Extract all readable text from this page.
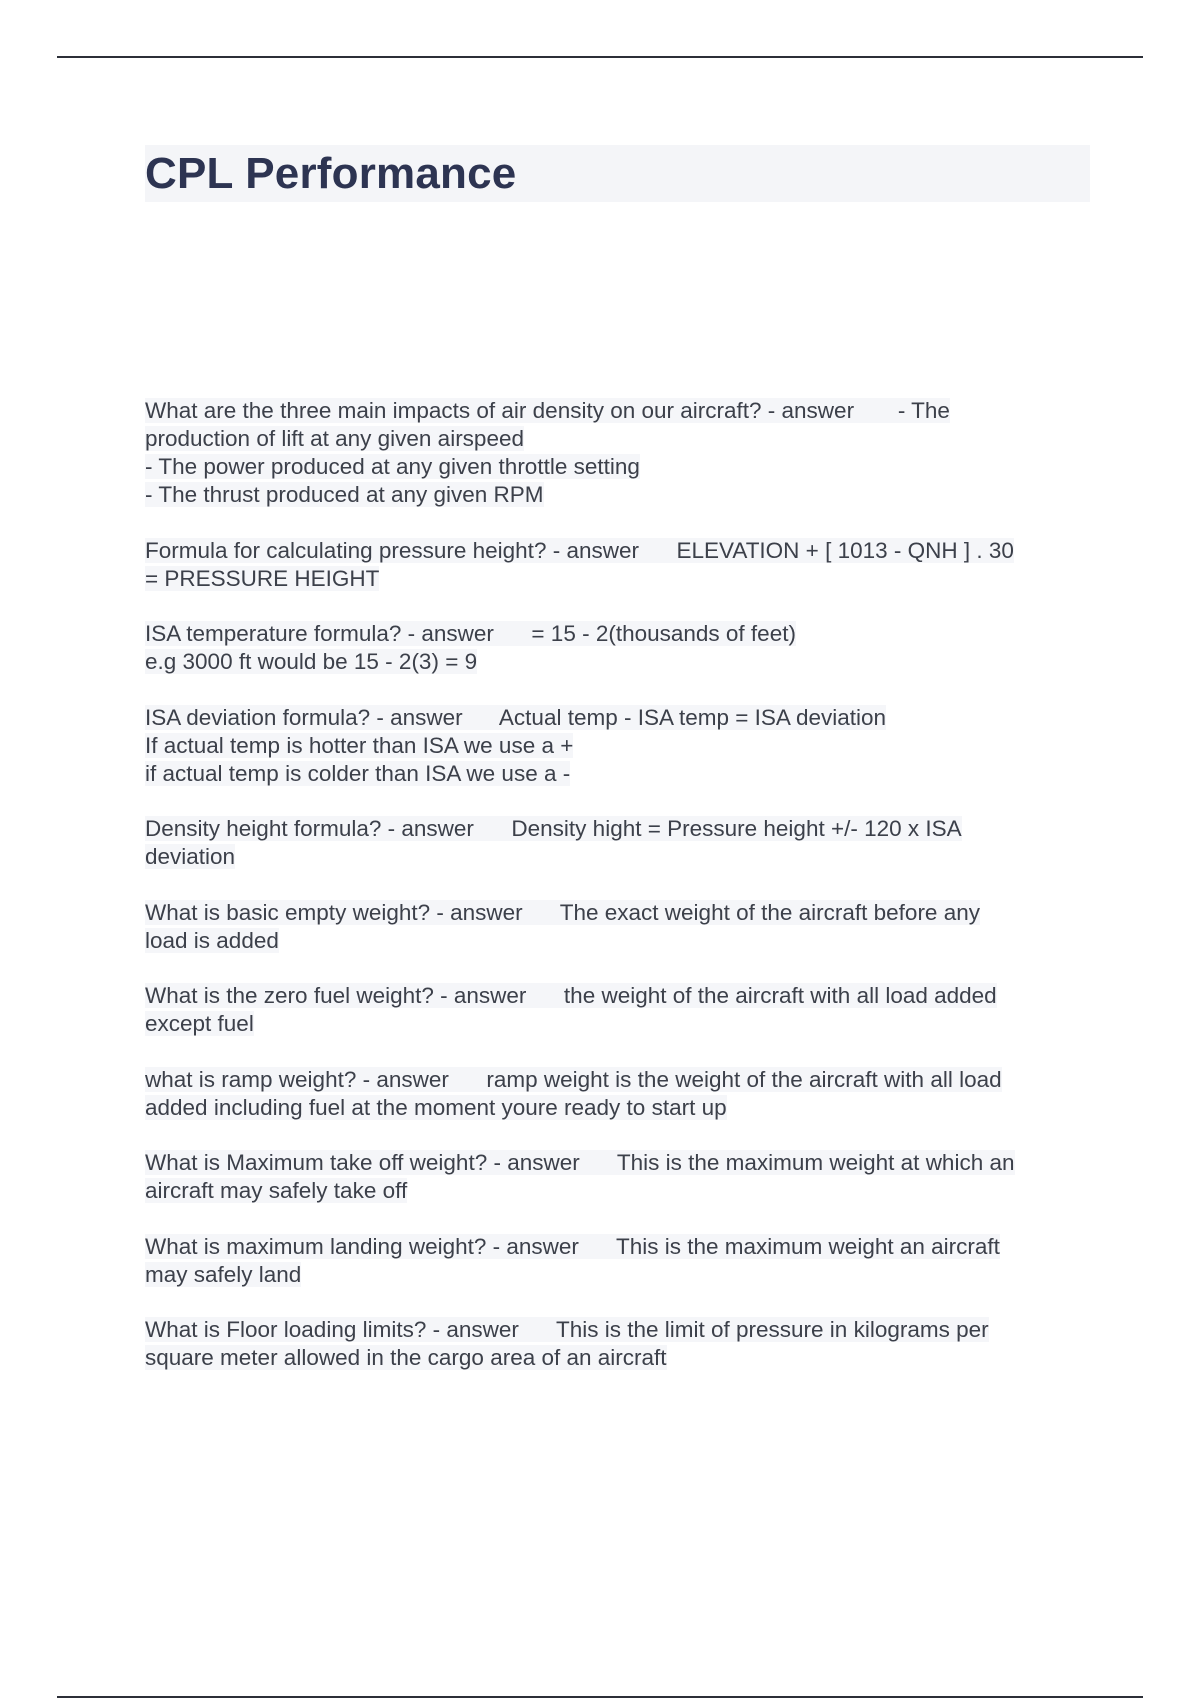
CPL Performance
What are the three main impacts of air density on our aircraft? - answer       - The
production of lift at any given airspeed
- The power produced at any given throttle setting
- The thrust produced at any given RPM
Formula for calculating pressure height? - answer      ELEVATION + [ 1013 - QNH ] . 30
= PRESSURE HEIGHT
ISA temperature formula? - answer      = 15 - 2(thousands of feet)
e.g 3000 ft would be 15 - 2(3) = 9
ISA deviation formula? - answer      Actual temp - ISA temp = ISA deviation
If actual temp is hotter than ISA we use a +
if actual temp is colder than ISA we use a -
Density height formula? - answer      Density hight = Pressure height +/- 120 x ISA
deviation
What is basic empty weight? - answer      The exact weight of the aircraft before any
load is added
What is the zero fuel weight? - answer      the weight of the aircraft with all load added
except fuel
what is ramp weight? - answer      ramp weight is the weight of the aircraft with all load
added including fuel at the moment youre ready to start up
What is Maximum take off weight? - answer      This is the maximum weight at which an
aircraft may safely take off
What is maximum landing weight? - answer      This is the maximum weight an aircraft
may safely land
What is Floor loading limits? - answer      This is the limit of pressure in kilograms per
square meter allowed in the cargo area of an aircraft
